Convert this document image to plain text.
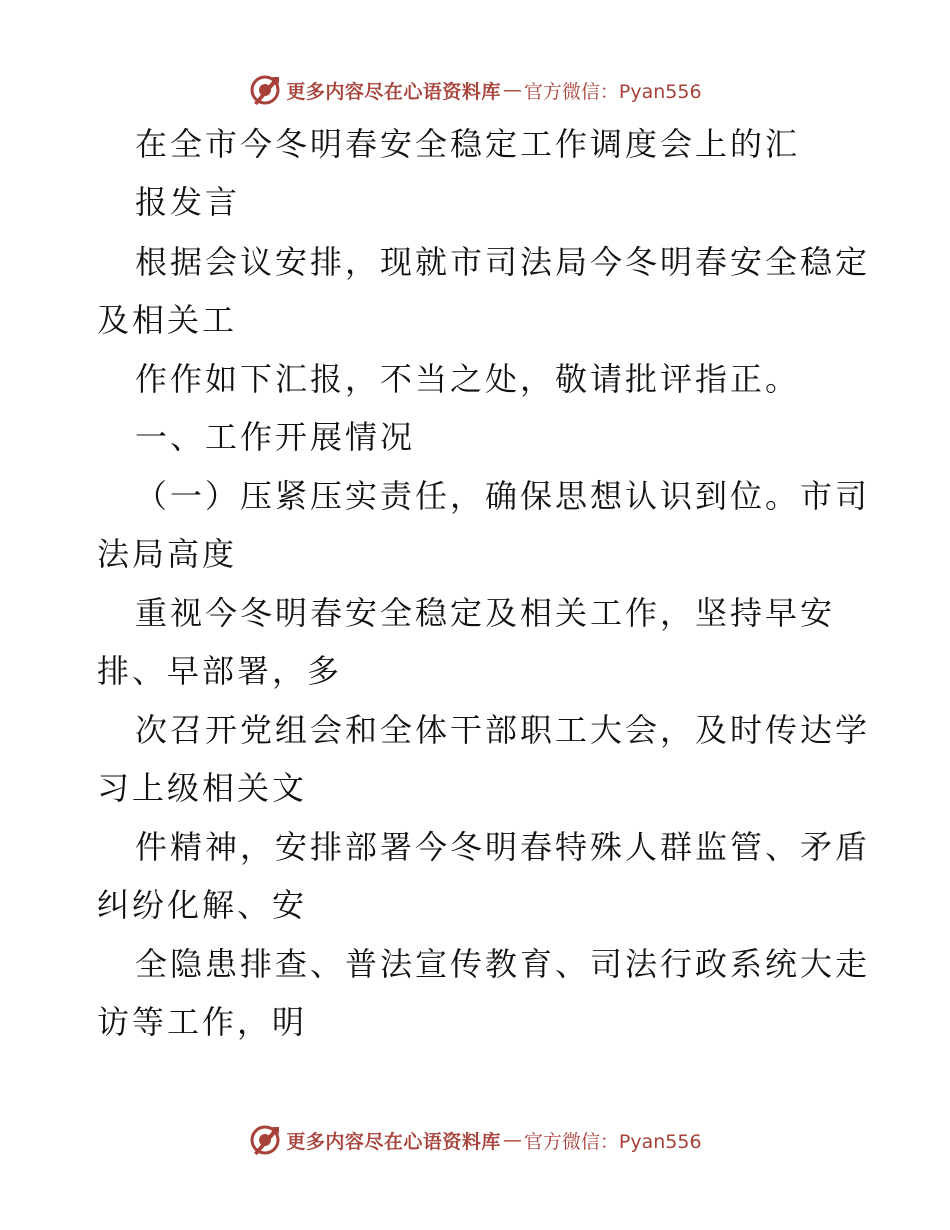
更多内容尽在心语资料库 — 官方微信：Pyan556
在全市今冬明春安全稳定工作调度会上的汇
报发言
根据会议安排，现就市司法局今冬明春安全稳定
及相关工
作作如下汇报，不当之处，敬请批评指正。
一、工作开展情况
（一）压紧压实责任，确保思想认识到位。市司
法局高度
重视今冬明春安全稳定及相关工作，坚持早安
排、早部署，多
次召开党组会和全体干部职工大会，及时传达学
习上级相关文
件精神，安排部署今冬明春特殊人群监管、矛盾
纠纷化解、安
全隐患排查、普法宣传教育、司法行政系统大走
访等工作，明
更多内容尽在心语资料库 — 官方微信：Pyan556
